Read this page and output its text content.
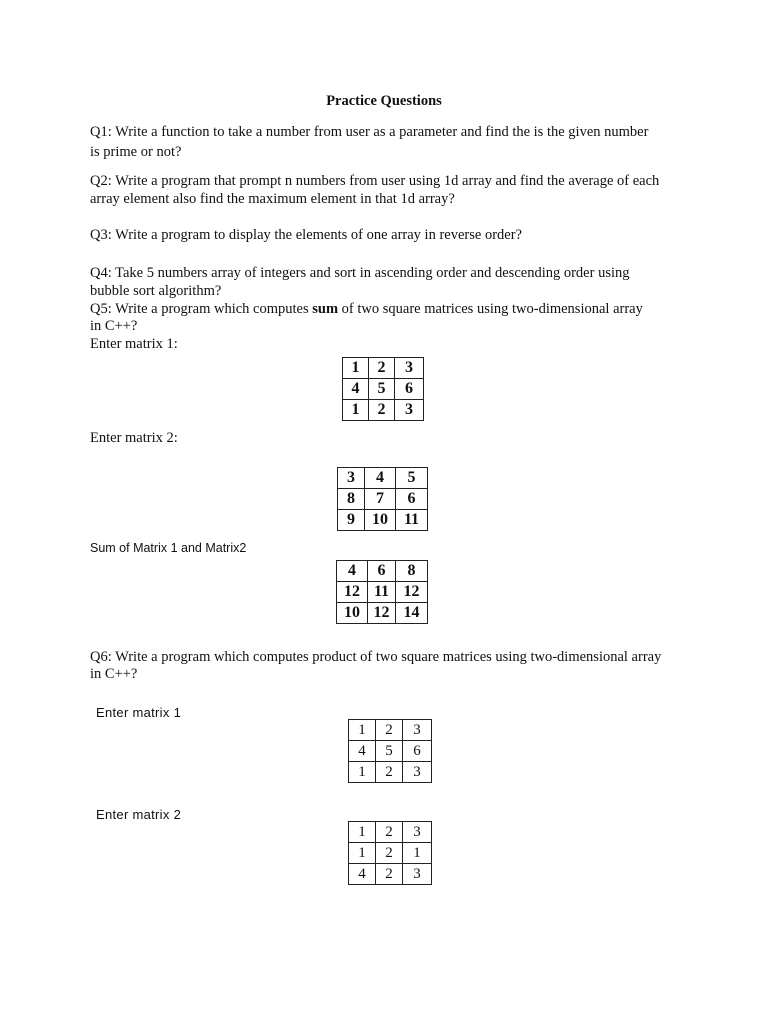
Practice Questions
Q1: Write a function to take a number from user as a parameter and find the is the given number
is prime or not?
Q2: Write a program that prompt n numbers from user using 1d array and find the average of each
array element also find the maximum element in that 1d array?
Q3: Write a program to display the elements of one array in reverse order?
Q4: Take 5 numbers array of integers and sort in ascending order and descending order using
bubble sort algorithm?
Q5: Write a program which computes sum of two square matrices using two-dimensional array
in C++?
Enter matrix 1:
1	2	3
4	5	6
1	2	3
Enter matrix 2:
3	4	5
8	7	6
9	10	11
Sum of Matrix 1 and Matrix2
4	6	8
12	11	12
10	12	14
Q6: Write a program which computes product of two square matrices using two-dimensional array
in C++?
Enter matrix 1
1	2	3
4	5	6
1	2	3
Enter matrix 2
1	2	3
1	2	1
4	2	3
